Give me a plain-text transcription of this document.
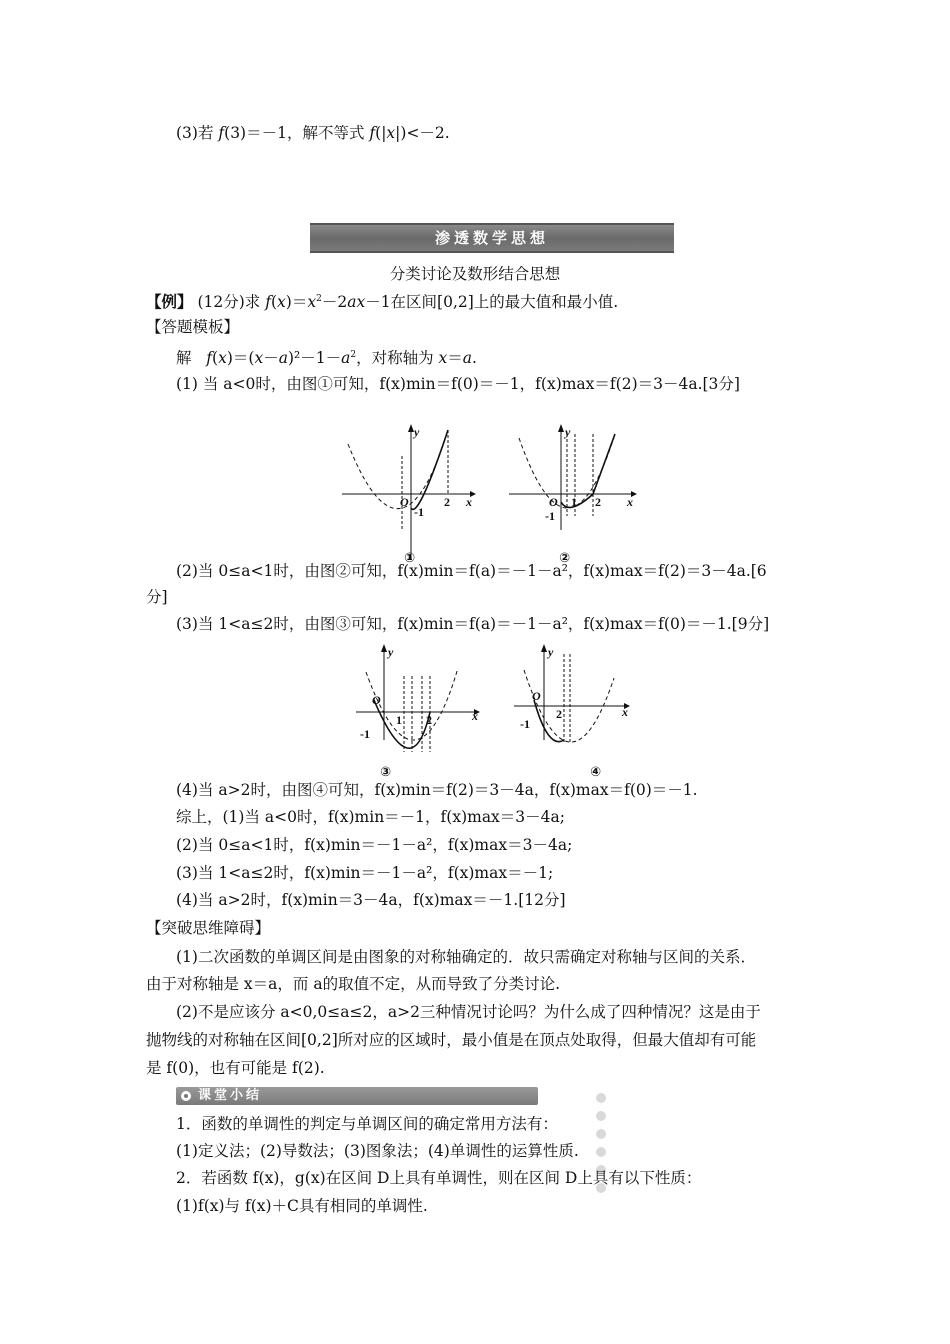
(3)若 f(3)＝－1，解不等式 f(|x|)<－2.
渗透数学思想
分类讨论及数形结合思想
【例】 (12分)求 $f(x)=x^2-2ax-1$在区间[0,2]上的最大值和最小值.
【答题模板】
解 $f(x)=(x-a)^2-1-a^2$，对称轴为 x＝a.
(1) 当 a<0时，由图①可知，f(x)min＝f(0)＝－1，f(x)max＝f(2)＝3－4a.[3分]
y
x
O	2
-1
①
y
x
O 1 2
-1
②
(2)当 0≤a<1时，由图②可知，f(x)min＝f(a)＝－1－a²，f(x)max＝f(2)＝3－4a.[6
分]
(3)当 1<a≤2时，由图③可知，f(x)min＝f(a)＝－1－a²，f(x)max＝f(0)＝－1.[9分]
y
x
O
1 2
-1
③
y
x
O
2
-1
④
(4)当 a>2时，由图④可知，f(x)min＝f(2)＝3－4a，f(x)max＝f(0)＝－1.
综上，(1)当 a<0时，f(x)min＝－1，f(x)max＝3－4a;
(2)当 0≤a<1时，f(x)min＝－1－a²，f(x)max＝3－4a;
(3)当 1<a≤2时，f(x)min＝－1－a²，f(x)max＝－1;
(4)当 a>2时，f(x)min＝3－4a，f(x)max＝－1.[12分]
【突破思维障碍】
(1)二次函数的单调区间是由图象的对称轴确定的．故只需确定对称轴与区间的关系．
由于对称轴是 x＝a，而 a的取值不定，从而导致了分类讨论.
(2)不是应该分 a<0,0≤a≤2，a>2三种情况讨论吗？为什么成了四种情况？这是由于
抛物线的对称轴在区间[0,2]所对应的区域时，最小值是在顶点处取得，但最大值却有可能
是 f(0)，也有可能是 f(2).
课堂小结
1．函数的单调性的判定与单调区间的确定常用方法有：
(1)定义法；(2)导数法；(3)图象法；(4)单调性的运算性质.
2．若函数 f(x)，g(x)在区间 D上具有单调性，则在区间 D上具有以下性质：
(1)f(x)与 f(x)＋C具有相同的单调性.
